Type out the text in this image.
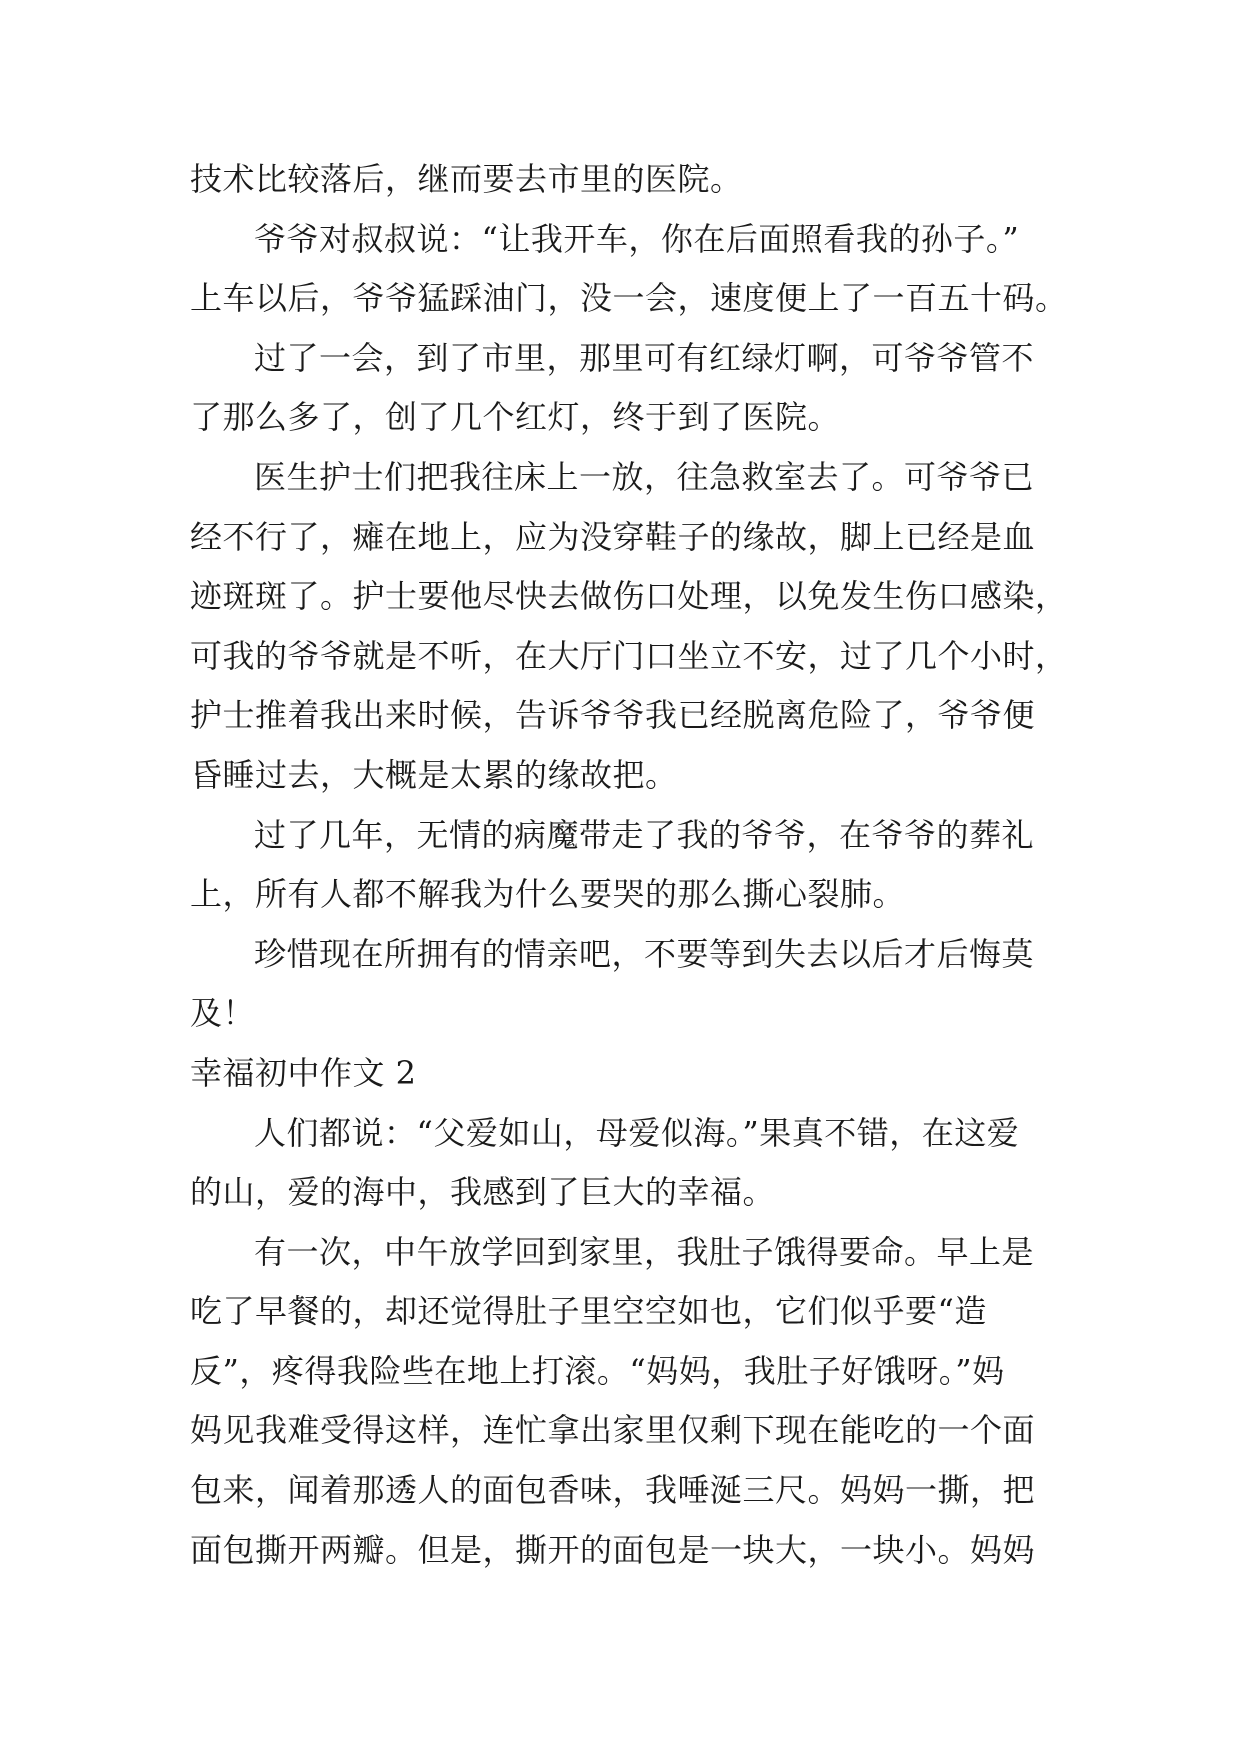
技术比较落后，继而要去市里的医院。
爷爷对叔叔说：“让我开车，你在后面照看我的孙子。”
上车以后，爷爷猛踩油门，没一会，速度便上了一百五十码。
过了一会，到了市里，那里可有红绿灯啊，可爷爷管不
了那么多了，创了几个红灯，终于到了医院。
医生护士们把我往床上一放，往急救室去了。可爷爷已
经不行了，瘫在地上，应为没穿鞋子的缘故，脚上已经是血
迹斑斑了。护士要他尽快去做伤口处理，以免发生伤口感染，
可我的爷爷就是不听，在大厅门口坐立不安，过了几个小时，
护士推着我出来时候，告诉爷爷我已经脱离危险了，爷爷便
昏睡过去，大概是太累的缘故把。
过了几年，无情的病魔带走了我的爷爷，在爷爷的葬礼
上，所有人都不解我为什么要哭的那么撕心裂肺。
珍惜现在所拥有的情亲吧，不要等到失去以后才后悔莫
及！
幸福初中作文 2
人们都说：“父爱如山，母爱似海。”果真不错，在这爱
的山，爱的海中，我感到了巨大的幸福。
有一次，中午放学回到家里，我肚子饿得要命。早上是
吃了早餐的，却还觉得肚子里空空如也，它们似乎要“造
反”，疼得我险些在地上打滚。“妈妈，我肚子好饿呀。”妈
妈见我难受得这样，连忙拿出家里仅剩下现在能吃的一个面
包来，闻着那透人的面包香味，我唾涎三尺。妈妈一撕，把
面包撕开两瓣。但是，撕开的面包是一块大，一块小。妈妈
